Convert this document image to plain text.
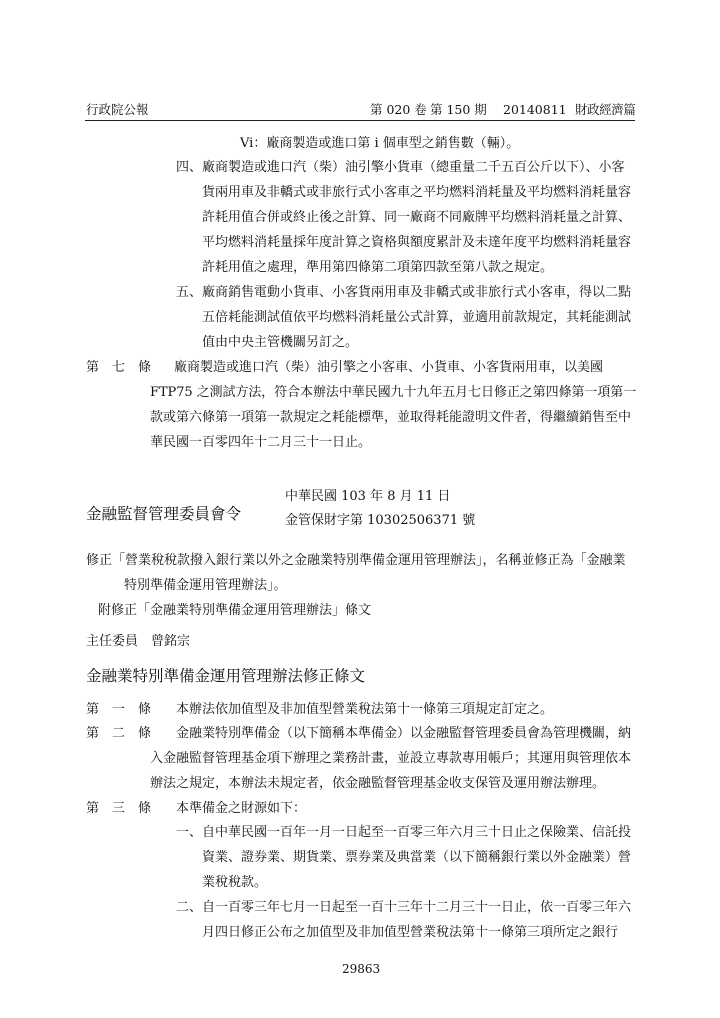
行政院公報	第 020 卷 第 150 期 20140811 財政經濟篇
Vi：廠商製造或進口第 i 個車型之銷售數（輛）。
四、 廠商製造或進口汽（柴）油引擎小貨車（總重量二千五百公斤以下）、小客
貨兩用車及非轎式或非旅行式小客車之平均燃料消耗量及平均燃料消耗量容
許耗用值合併或終止後之計算、同一廠商不同廠牌平均燃料消耗量之計算、
平均燃料消耗量採年度計算之資格與額度累計及未達年度平均燃料消耗量容
許耗用值之處理，準用第四條第二項第四款至第八款之規定。
五、 廠商銷售電動小貨車、小客貨兩用車及非轎式或非旅行式小客車，得以二點
五倍耗能測試值依平均燃料消耗量公式計算，並適用前款規定，其耗能測試
值由中央主管機關另訂之。
第　七　條 廠商製造或進口汽（柴）油引擎之小客車、小貨車、小客貨兩用車，以美國
FTP75 之測試方法，符合本辦法中華民國九十九年五月七日修正之第四條第一項第一
款或第六條第一項第一款規定之耗能標準，並取得耗能證明文件者，得繼續銷售至中
華民國一百零四年十二月三十一日止。
金融監督管理委員會令
中華民國 103 年 8 月 11 日
金管保財字第 10302506371 號
修正「營業稅稅款撥入銀行業以外之金融業特別準備金運用管理辦法」，名稱並修正為「金融業
特別準備金運用管理辦法」。
附修正「金融業特別準備金運用管理辦法」條文
主任委員　曾銘宗
金融業特別準備金運用管理辦法修正條文
第　一　條 本辦法依加值型及非加值型營業稅法第十一條第三項規定訂定之。
第　二　條 金融業特別準備金（以下簡稱本準備金）以金融監督管理委員會為管理機關，納
入金融監督管理基金項下辦理之業務計畫，並設立專款專用帳戶；其運用與管理依本
辦法之規定，本辦法未規定者，依金融監督管理基金收支保管及運用辦法辦理。
第　三　條 本準備金之財源如下：
一、 自中華民國一百年一月一日起至一百零三年六月三十日止之保險業、信託投
資業、證券業、期貨業、票券業及典當業（以下簡稱銀行業以外金融業）營
業稅稅款。
二、 自一百零三年七月一日起至一百十三年十二月三十一日止，依一百零三年六
月四日修正公布之加值型及非加值型營業稅法第十一條第三項所定之銀行
29863
